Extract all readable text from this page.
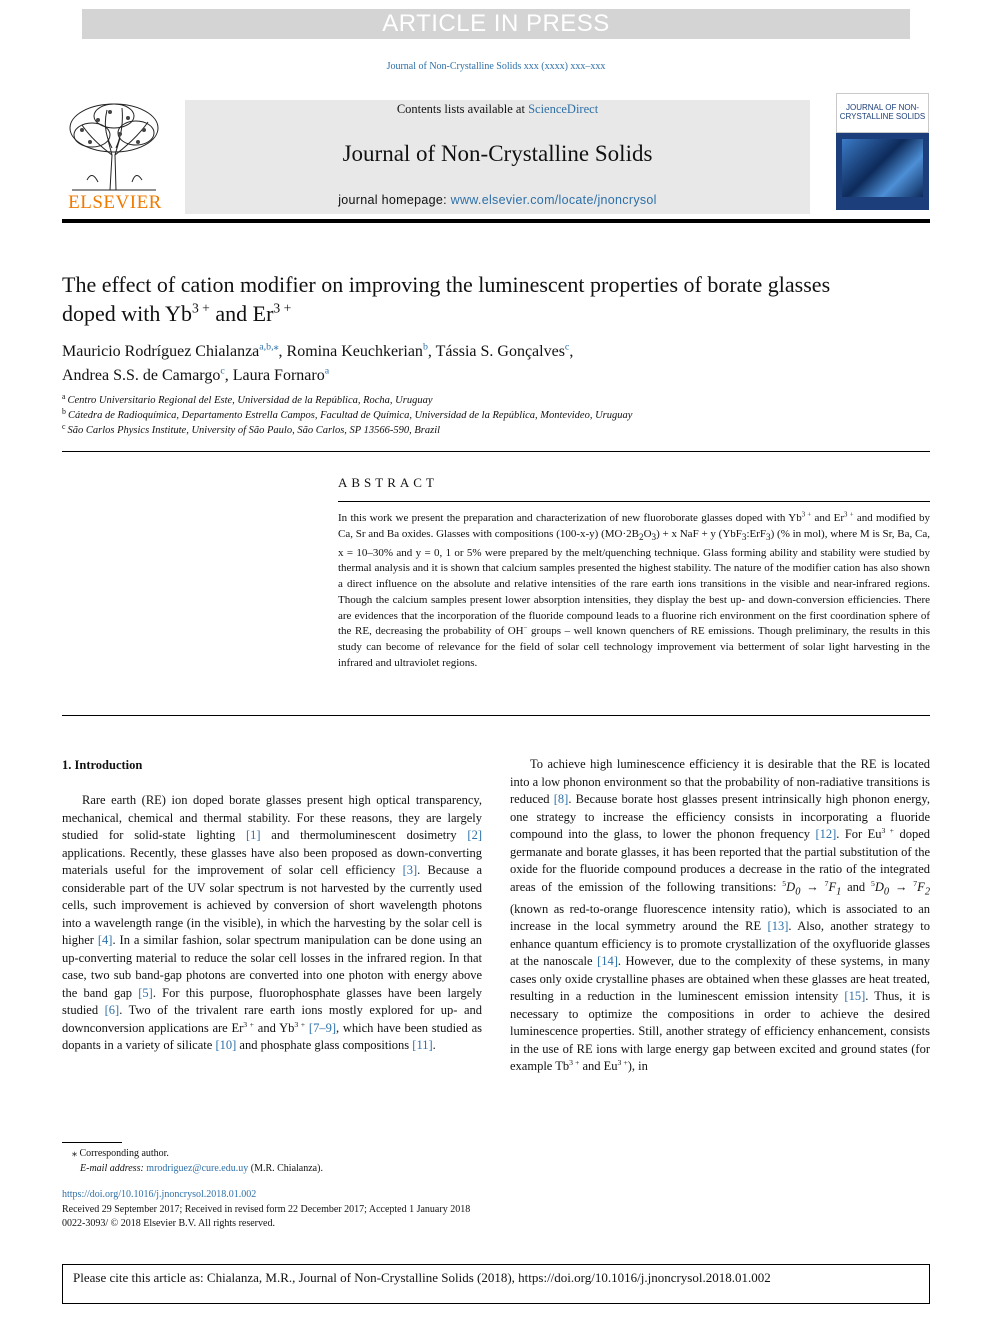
ARTICLE IN PRESS
Journal of Non-Crystalline Solids xxx (xxxx) xxx–xxx
ELSEVIER
Contents lists available at ScienceDirect
Journal of Non-Crystalline Solids
journal homepage: www.elsevier.com/locate/jnoncrysol
JOURNAL OF NON-CRYSTALLINE SOLIDS
The effect of cation modifier on improving the luminescent properties of borate glasses doped with $Yb^{3 +}$ and $Er^{3 +}$
Mauricio Rodríguez Chialanza$^{a,b,⁎}$, Romina Keuchkerian$^b$, Tássia S. Gonçalves$^c$,
Andrea S.S. de Camargo$^c$, Laura Fornaro$^a$
$^a$ Centro Universitario Regional del Este, Universidad de la República, Rocha, Uruguay
$^b$ Cátedra de Radioquímica, Departamento Estrella Campos, Facultad de Química, Universidad de la República, Montevideo, Uruguay
$^c$ São Carlos Physics Institute, University of São Paulo, São Carlos, SP 13566-590, Brazil
ABSTRACT
In this work we present the preparation and characterization of new fluoroborate glasses doped with $Yb^{3 +}$ and $Er^{3 +}$ and modified by Ca, Sr and Ba oxides. Glasses with compositions (100-x-y) $(MO\cdot 2B_2O_3) + x$ NaF + y (YbF$_3$:ErF$_3$) (% in mol), where M is Sr, Ba, Ca, x = 10–30% and y = 0, 1 or 5% were prepared by the melt/quenching technique. Glass forming ability and stability were studied by thermal analysis and it is shown that calcium samples presented the highest stability. The nature of the modifier cation has also shown a direct influence on the absolute and relative intensities of the rare earth ions transitions in the visible and near-infrared regions. Though the calcium samples present lower absorption intensities, they display the best up- and down-conversion efficiencies. There are evidences that the incorporation of the fluoride compound leads to a fluorine rich environment on the first coordination sphere of the RE, decreasing the probability of OH− groups – well known quenchers of RE emissions. Though preliminary, the results in this study can become of relevance for the field of solar cell technology improvement via betterment of solar light harvesting in the infrared and ultraviolet regions.
1. Introduction
Rare earth (RE) ion doped borate glasses present high optical transparency, mechanical, chemical and thermal stability. For these reasons, they are largely studied for solid-state lighting [1] and thermoluminescent dosimetry [2] applications. Recently, these glasses have also been proposed as down-converting materials useful for the improvement of solar cell efficiency [3]. Because a considerable part of the UV solar spectrum is not harvested by the currently used cells, such improvement is achieved by conversion of short wavelength photons into a wavelength range (in the visible), in which the harvesting by the solar cell is higher [4]. In a similar fashion, solar spectrum manipulation can be done using an up-converting material to reduce the solar cell losses in the infrared region. In that case, two sub band-gap photons are converted into one photon with energy above the band gap [5]. For this purpose, fluorophosphate glasses have been largely studied [6]. Two of the trivalent rare earth ions mostly explored for up- and downconversion applications are $Er^{3 +}$ and $Yb^{3 +}$ [7–9], which have been studied as dopants in a variety of silicate [10] and phosphate glass compositions [11].
To achieve high luminescence efficiency it is desirable that the RE is located into a low phonon environment so that the probability of non-radiative transitions is reduced [8]. Because borate host glasses present intrinsically high phonon energy, one strategy to increase the efficiency consists in incorporating a fluoride compound into the glass, to lower the phonon frequency [12]. For $Eu^{3 +}$ doped germanate and borate glasses, it has been reported that the partial substitution of the oxide for the fluoride compound produces a decrease in the ratio of the integrated areas of the emission of the following transitions: $^5D_0 \to ^7F_1$ and $^5D_0 \to ^7F_2$ (known as red-to-orange fluorescence intensity ratio), which is associated to an increase in the local symmetry around the RE [13]. Also, another strategy to enhance quantum efficiency is to promote crystallization of the oxyfluoride glasses at the nanoscale [14]. However, due to the complexity of these systems, in many cases only oxide crystalline phases are obtained when these glasses are heat treated, resulting in a reduction in the luminescent emission intensity [15]. Thus, it is necessary to optimize the compositions in order to achieve the desired luminescence properties. Still, another strategy of efficiency enhancement, consists in the use of RE ions with large energy gap between excited and ground states (for example $Tb^{3 +}$ and $Eu^{3 +}$), in
⁎ Corresponding author.
E-mail address: mrodriguez@cure.edu.uy (M.R. Chialanza).
https://doi.org/10.1016/j.jnoncrysol.2018.01.002
Received 29 September 2017; Received in revised form 22 December 2017; Accepted 1 January 2018
0022-3093/ © 2018 Elsevier B.V. All rights reserved.
Please cite this article as: Chialanza, M.R., Journal of Non-Crystalline Solids (2018), https://doi.org/10.1016/j.jnoncrysol.2018.01.002
